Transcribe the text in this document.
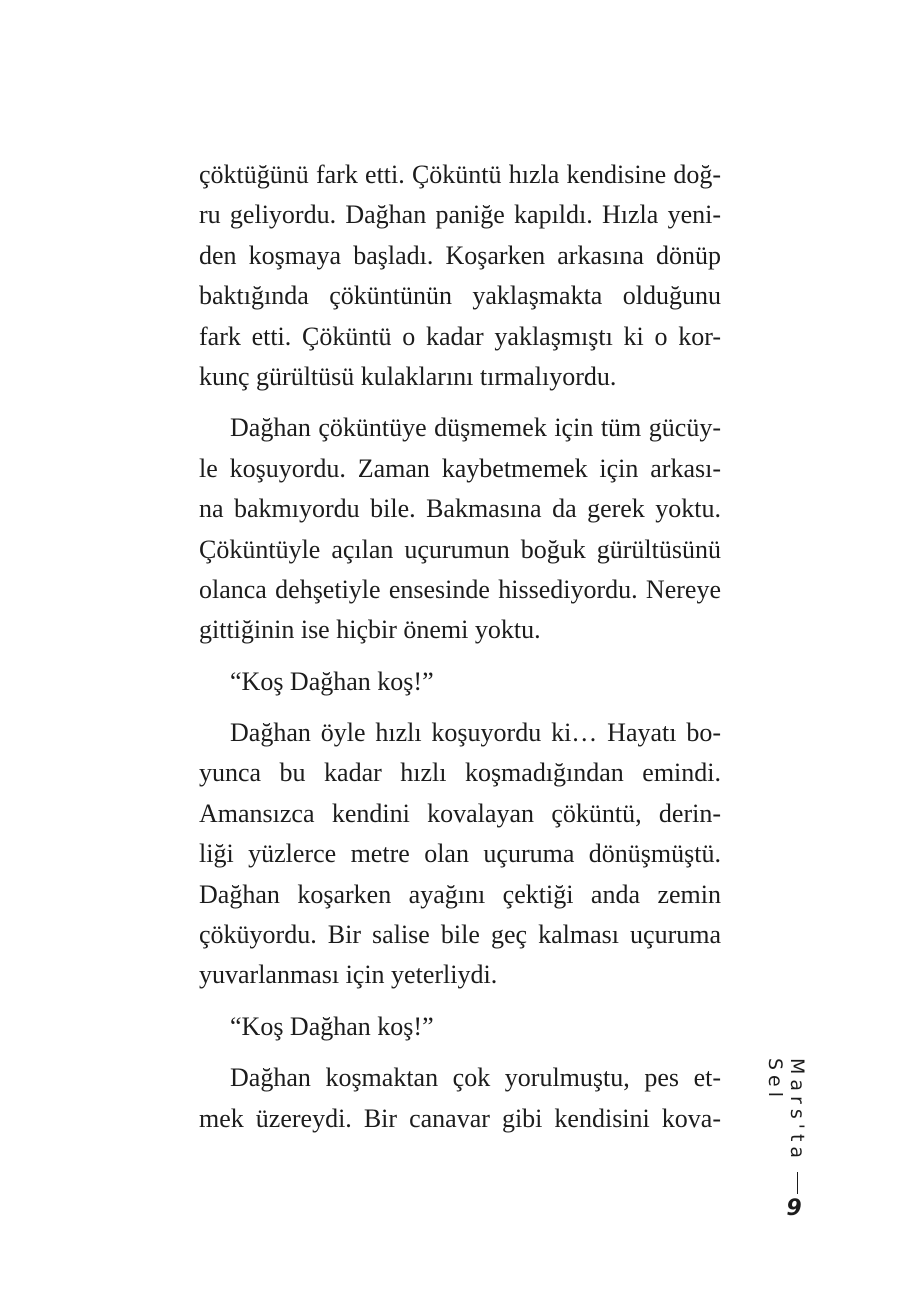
çöktüğünü fark etti. Çöküntü hızla kendisine doğ-
ru geliyordu. Dağhan paniğe kapıldı. Hızla yeni-
den koşmaya başladı. Koşarken arkasına dönüp
baktığında çöküntünün yaklaşmakta olduğunu
fark etti. Çöküntü o kadar yaklaşmıştı ki o kor-
kunç gürültüsü kulaklarını tırmalıyordu.
Dağhan çöküntüye düşmemek için tüm gücüy-
le koşuyordu. Zaman kaybetmemek için arkası-
na bakmıyordu bile. Bakmasına da gerek yoktu.
Çöküntüyle açılan uçurumun boğuk gürültüsünü
olanca dehşetiyle ensesinde hissediyordu. Nereye
gittiğinin ise hiçbir önemi yoktu.
“Koş Dağhan koş!”
Dağhan öyle hızlı koşuyordu ki… Hayatı bo-
yunca bu kadar hızlı koşmadığından emindi.
Amansızca kendini kovalayan çöküntü, derin-
liği yüzlerce metre olan uçuruma dönüşmüştü.
Dağhan koşarken ayağını çektiği anda zemin
çöküyordu. Bir salise bile geç kalması uçuruma
yuvarlanması için yeterliydi.
“Koş Dağhan koş!”
Dağhan koşmaktan çok yorulmuştu, pes et-
mek üzereydi. Bir canavar gibi kendisini kova-	Mars'ta Sel
9
